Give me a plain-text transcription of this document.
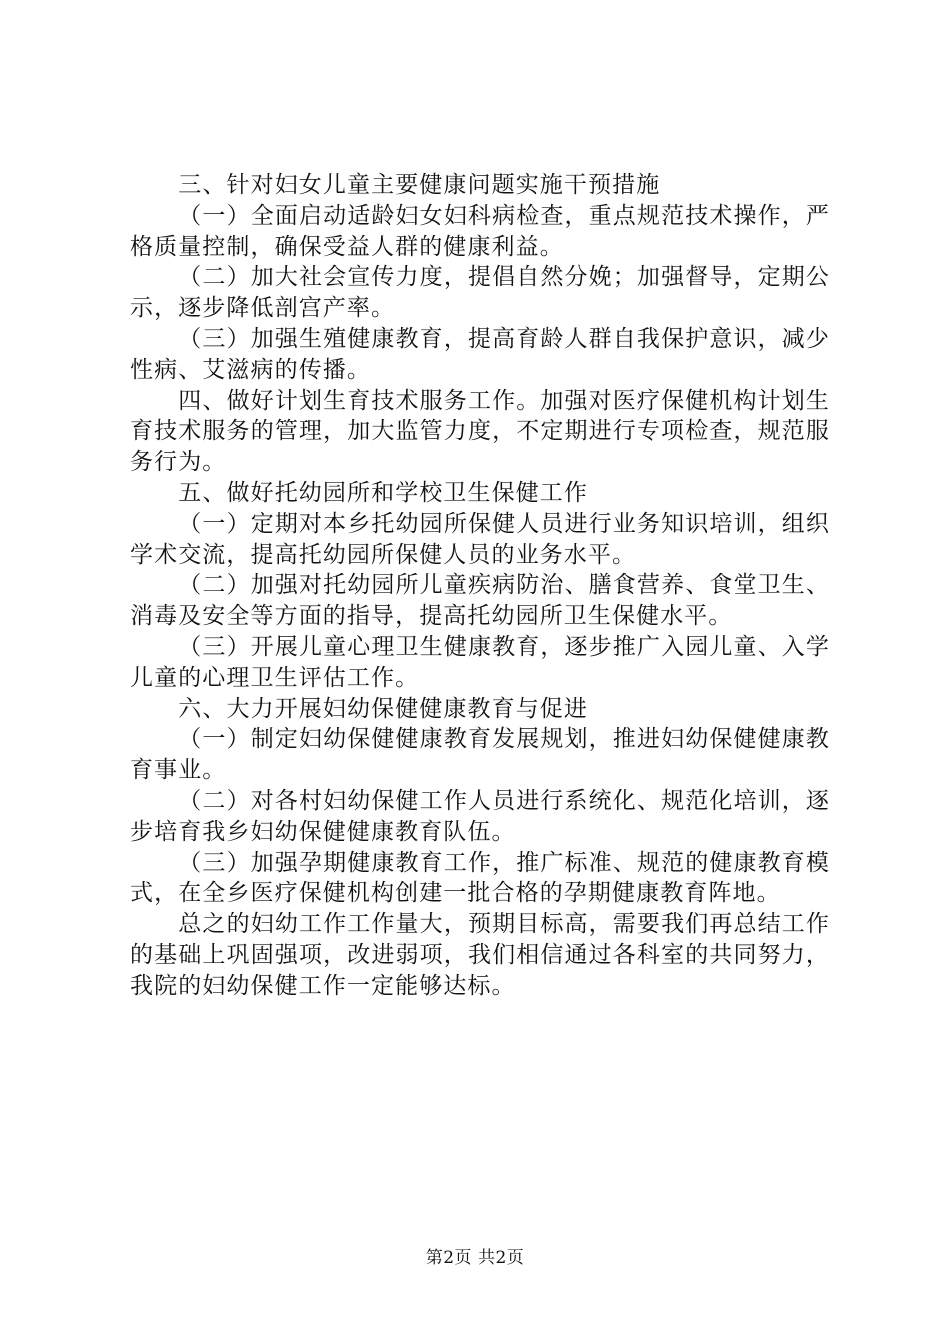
三、针对妇女儿童主要健康问题实施干预措施

（一）全面启动适龄妇女妇科病检查，重点规范技术操作，严格质量控制，确保受益人群的健康利益。

（二）加大社会宣传力度，提倡自然分娩；加强督导，定期公示，逐步降低剖宫产率。

（三）加强生殖健康教育，提高育龄人群自我保护意识，减少性病、艾滋病的传播。

四、做好计划生育技术服务工作。加强对医疗保健机构计划生育技术服务的管理，加大监管力度，不定期进行专项检查，规范服务行为。

五、做好托幼园所和学校卫生保健工作

（一）定期对本乡托幼园所保健人员进行业务知识培训，组织学术交流，提高托幼园所保健人员的业务水平。

（二）加强对托幼园所儿童疾病防治、膳食营养、食堂卫生、消毒及安全等方面的指导，提高托幼园所卫生保健水平。

（三）开展儿童心理卫生健康教育，逐步推广入园儿童、入学儿童的心理卫生评估工作。

六、大力开展妇幼保健健康教育与促进

（一）制定妇幼保健健康教育发展规划，推进妇幼保健健康教育事业。

（二）对各村妇幼保健工作人员进行系统化、规范化培训，逐步培育我乡妇幼保健健康教育队伍。

（三）加强孕期健康教育工作，推广标准、规范的健康教育模式，在全乡医疗保健机构创建一批合格的孕期健康教育阵地。

总之的妇幼工作工作量大，预期目标高，需要我们再总结工作的基础上巩固强项，改进弱项，我们相信通过各科室的共同努力，我院的妇幼保健工作一定能够达标。

第2页 共2页
